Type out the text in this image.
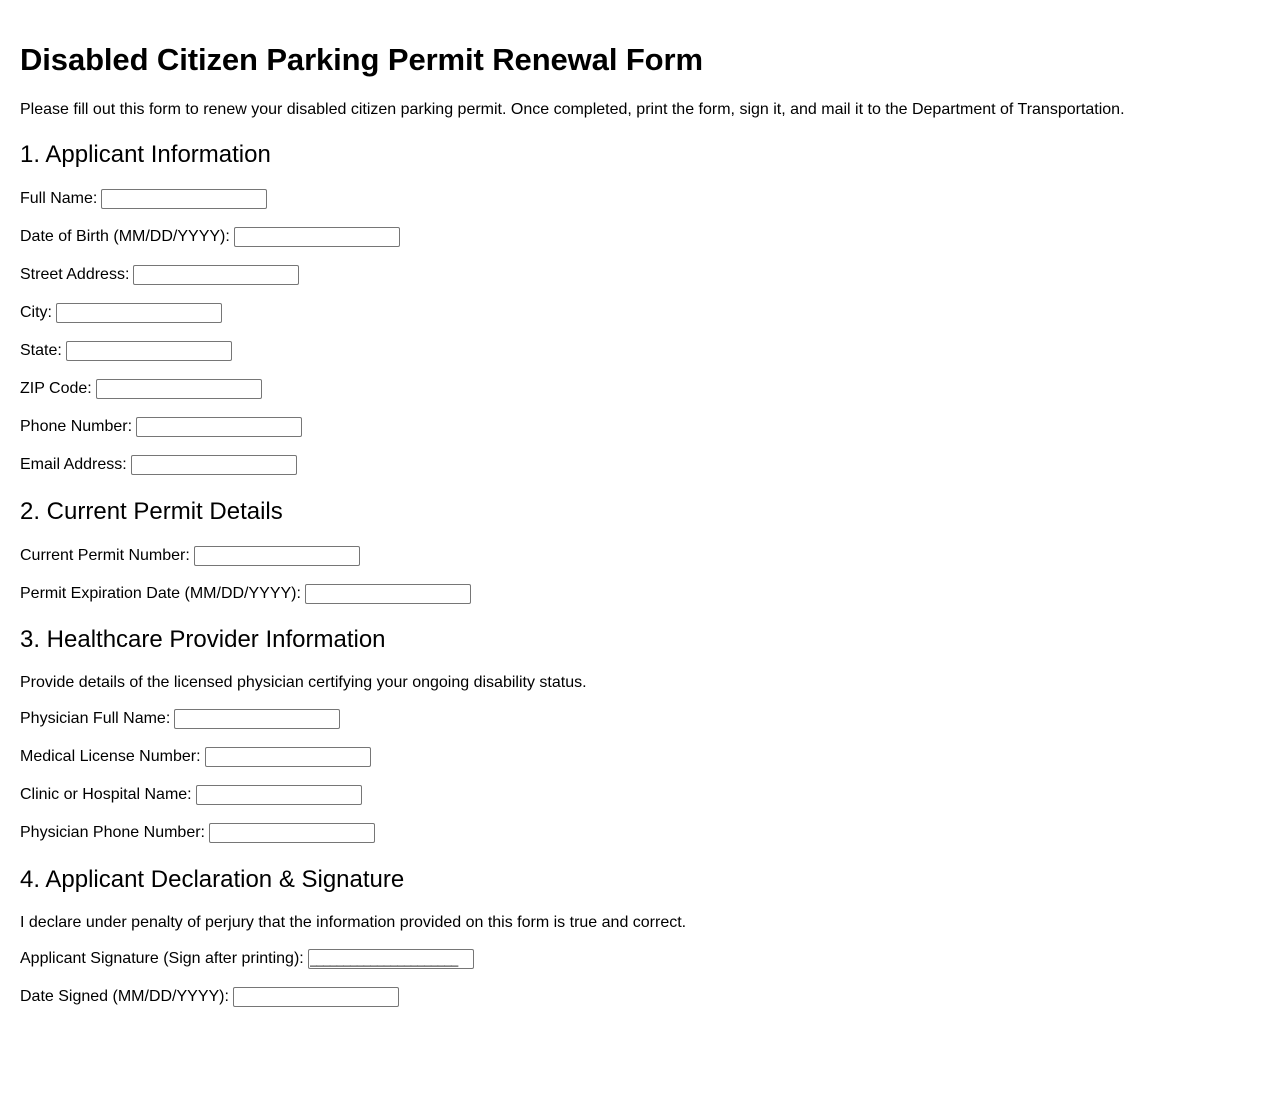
Disabled Citizen Parking Permit Renewal Form
Please fill out this form to renew your disabled citizen parking permit. Once completed, print the form, sign it, and mail it to the Department of Transportation.
1. Applicant Information
Full Name:
Date of Birth (MM/DD/YYYY):
Street Address:
City:
State:
ZIP Code:
Phone Number:
Email Address:
2. Current Permit Details
Current Permit Number:
Permit Expiration Date (MM/DD/YYYY):
3. Healthcare Provider Information
Provide details of the licensed physician certifying your ongoing disability status.
Physician Full Name:
Medical License Number:
Clinic or Hospital Name:
Physician Phone Number:
4. Applicant Declaration & Signature
I declare under penalty of perjury that the information provided on this form is true and correct.
Applicant Signature (Sign after printing):
______________________
Date Signed (MM/DD/YYYY):
